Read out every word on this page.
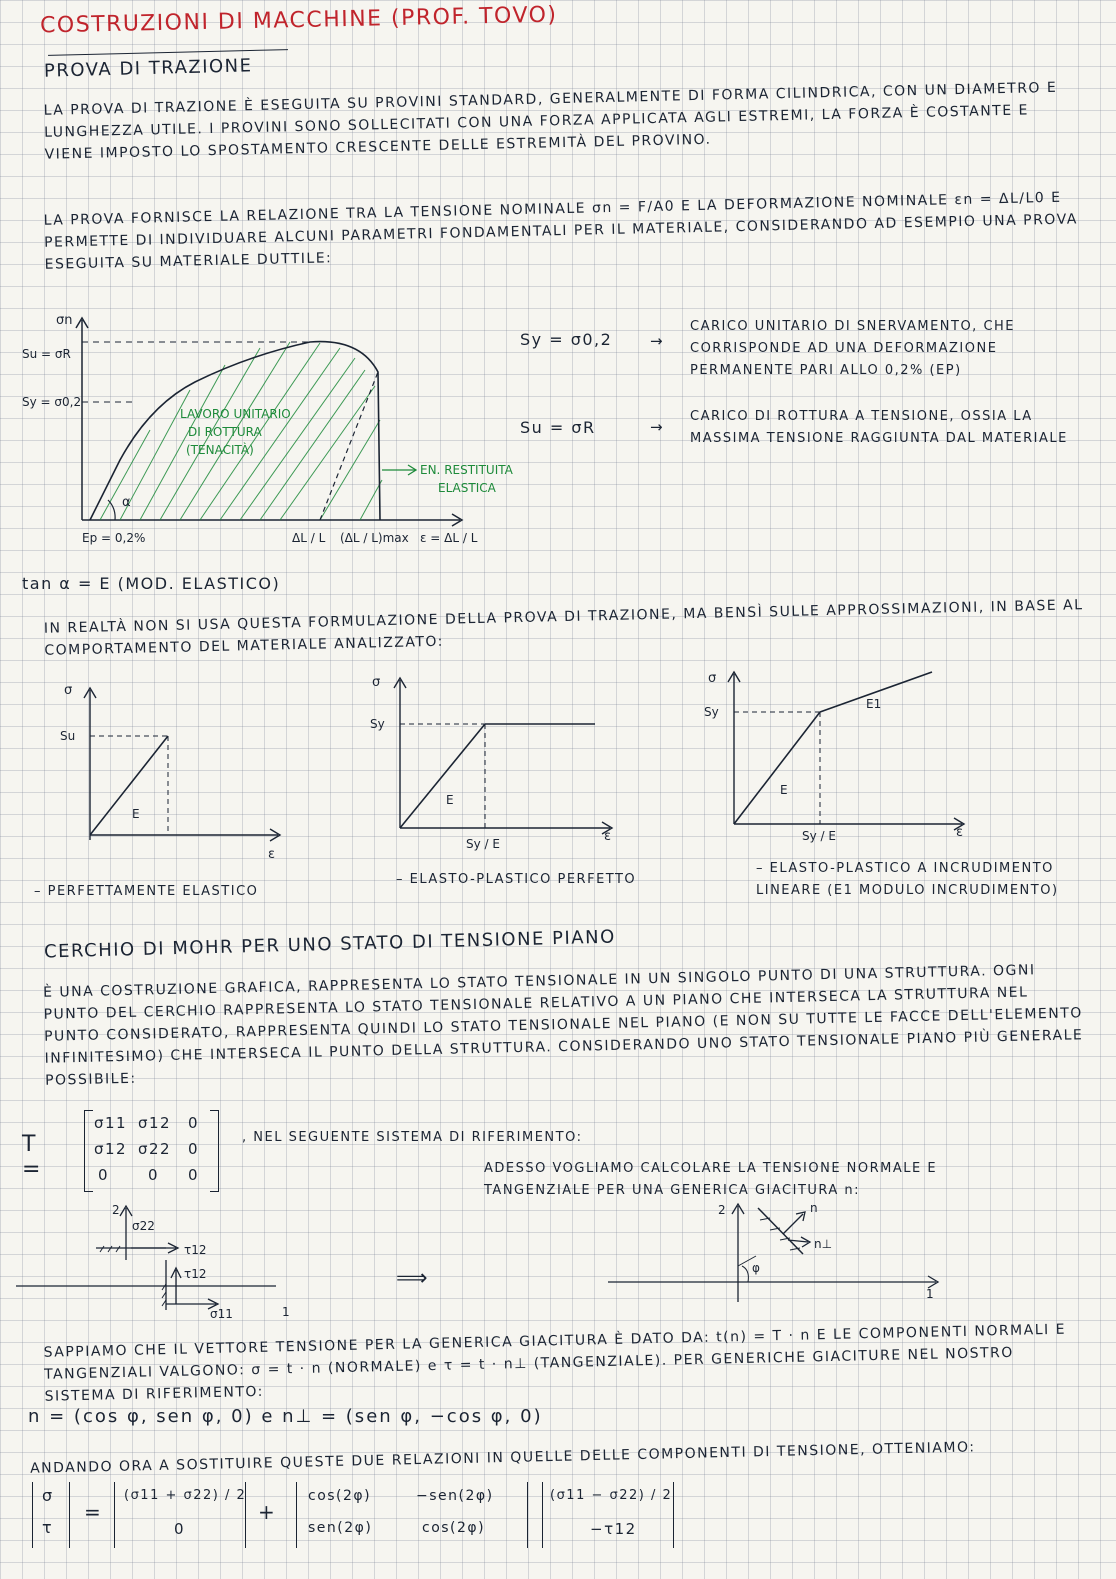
COSTRUZIONI DI MACCHINE (PROF. TOVO)
PROVA DI TRAZIONE
LA PROVA DI TRAZIONE È ESEGUITA SU PROVINI STANDARD, GENERALMENTE DI FORMA CILINDRICA, CON UN DIAMETRO E LUNGHEZZA UTILE. I PROVINI SONO SOLLECITATI CON UNA FORZA APPLICATA AGLI ESTREMI, LA FORZA È COSTANTE E VIENE IMPOSTO LO SPOSTAMENTO CRESCENTE DELLE ESTREMITÀ DEL PROVINO.
LA PROVA FORNISCE LA RELAZIONE TRA LA TENSIONE NOMINALE σn = F/A0 E LA DEFORMAZIONE NOMINALE εn = ΔL/L0 E PERMETTE DI INDIVIDUARE ALCUNI PARAMETRI FONDAMENTALI PER IL MATERIALE, CONSIDERANDO AD ESEMPIO UNA PROVA ESEGUITA SU MATERIALE DUTTILE:
σn
Su = σR
Sy = σ0,2
α
LAVORO UNITARIO
DI ROTTURA
(TENACITÀ)
EN. RESTITUITA
ELASTICA
Ep = 0,2%	ΔL / L (ΔL / L)max ε = ΔL / L
Sy = σ0,2	→
CARICO UNITARIO DI SNERVAMENTO, CHE CORRISPONDE AD UNA DEFORMAZIONE PERMANENTE PARI ALLO 0,2% (EP)
Su = σR	→
CARICO DI ROTTURA A TENSIONE, OSSIA LA MASSIMA TENSIONE RAGGIUNTA DAL MATERIALE
tan α = E (MOD. ELASTICO)
IN REALTÀ NON SI USA QUESTA FORMULAZIONE DELLA PROVA DI TRAZIONE, MA BENSÌ SULLE APPROSSIMAZIONI, IN BASE AL COMPORTAMENTO DEL MATERIALE ANALIZZATO:
σ
Su
E
ε
– PERFETTAMENTE ELASTICO
σ
Sy
E
Sy / E	ε
– ELASTO-PLASTICO PERFETTO
σ
Sy
E
E1
Sy / E	ε
– ELASTO-PLASTICO A INCRUDIMENTO LINEARE (E1 MODULO INCRUDIMENTO)
CERCHIO DI MOHR PER UNO STATO DI TENSIONE PIANO
È UNA COSTRUZIONE GRAFICA, RAPPRESENTA LO STATO TENSIONALE IN UN SINGOLO PUNTO DI UNA STRUTTURA. OGNI PUNTO DEL CERCHIO RAPPRESENTA LO STATO TENSIONALE RELATIVO A UN PIANO CHE INTERSECA LA STRUTTURA NEL PUNTO CONSIDERATO, RAPPRESENTA QUINDI LO STATO TENSIONALE NEL PIANO (E NON SU TUTTE LE FACCE DELL'ELEMENTO INFINITESIMO) CHE INTERSECA IL PUNTO DELLA STRUTTURA. CONSIDERANDO UNO STATO TENSIONALE PIANO PIÙ GENERALE POSSIBILE:
T =
σ11 σ12 0
σ12 σ22 0
0	0 0
, NEL SEGUENTE SISTEMA DI RIFERIMENTO:
ADESSO VOGLIAMO CALCOLARE LA TENSIONE NORMALE E TANGENZIALE PER UNA GENERICA GIACITURA n:
2
σ22
τ12
τ12
σ11	1
⟹
2	n
n⊥
φ
1
SAPPIAMO CHE IL VETTORE TENSIONE PER LA GENERICA GIACITURA È DATO DA: t(n) = T · n E LE COMPONENTI NORMALI E TANGENZIALI VALGONO: σ = t · n (NORMALE) e τ = t · n⊥ (TANGENZIALE). PER GENERICHE GIACITURE NEL NOSTRO SISTEMA DI RIFERIMENTO:
n = (cos φ, sen φ, 0) e n⊥ = (sen φ, −cos φ, 0)
ANDANDO ORA A SOSTITUIRE QUESTE DUE RELAZIONI IN QUELLE DELLE COMPONENTI DI TENSIONE, OTTENIAMO:
σ
τ
=
(σ11 + σ22) / 2
0
+
cos(2φ)	−sen(2φ)
sen(2φ)	cos(2φ)
(σ11 − σ22) / 2
−τ12
